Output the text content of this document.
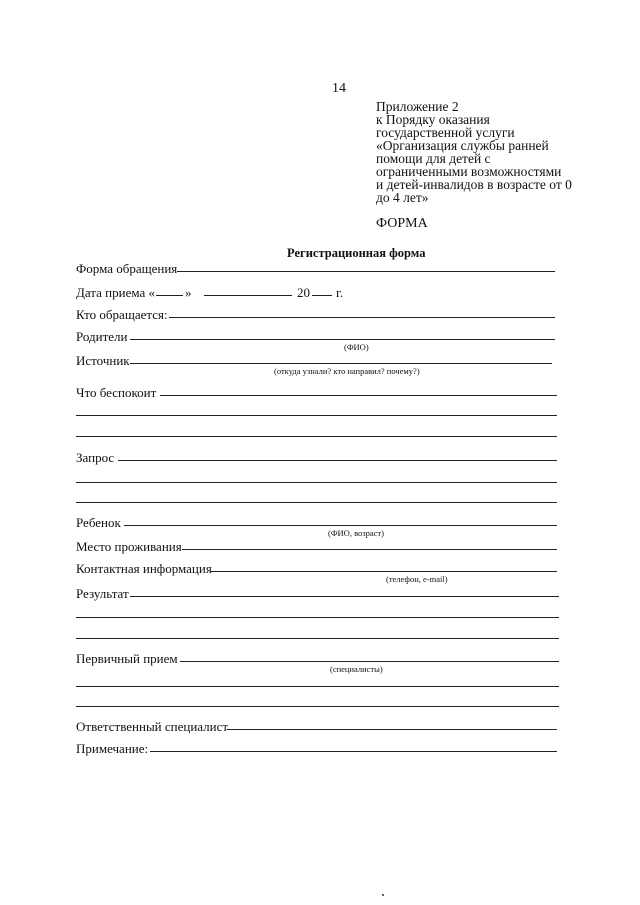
14
Приложение 2
к Порядку оказания
государственной услуги
«Организация службы ранней
помощи для детей с
ограниченными возможностями
и детей-инвалидов в возрасте от 0
до 4 лет»
ФОРМА
Регистрационная форма
Форма обращения
Дата приема « »	20 г.
Кто обращается:
Родители
(ФИО)
Источник
(откуда узнали? кто направил? почему?)
Что беспокоит
Запрос
Ребенок
(ФИО, возраст)
Место проживания
Контактная информация
(телефон, e-mail)
Результат
Первичный прием
(специалисты)
Ответственный специалист
Примечание:
